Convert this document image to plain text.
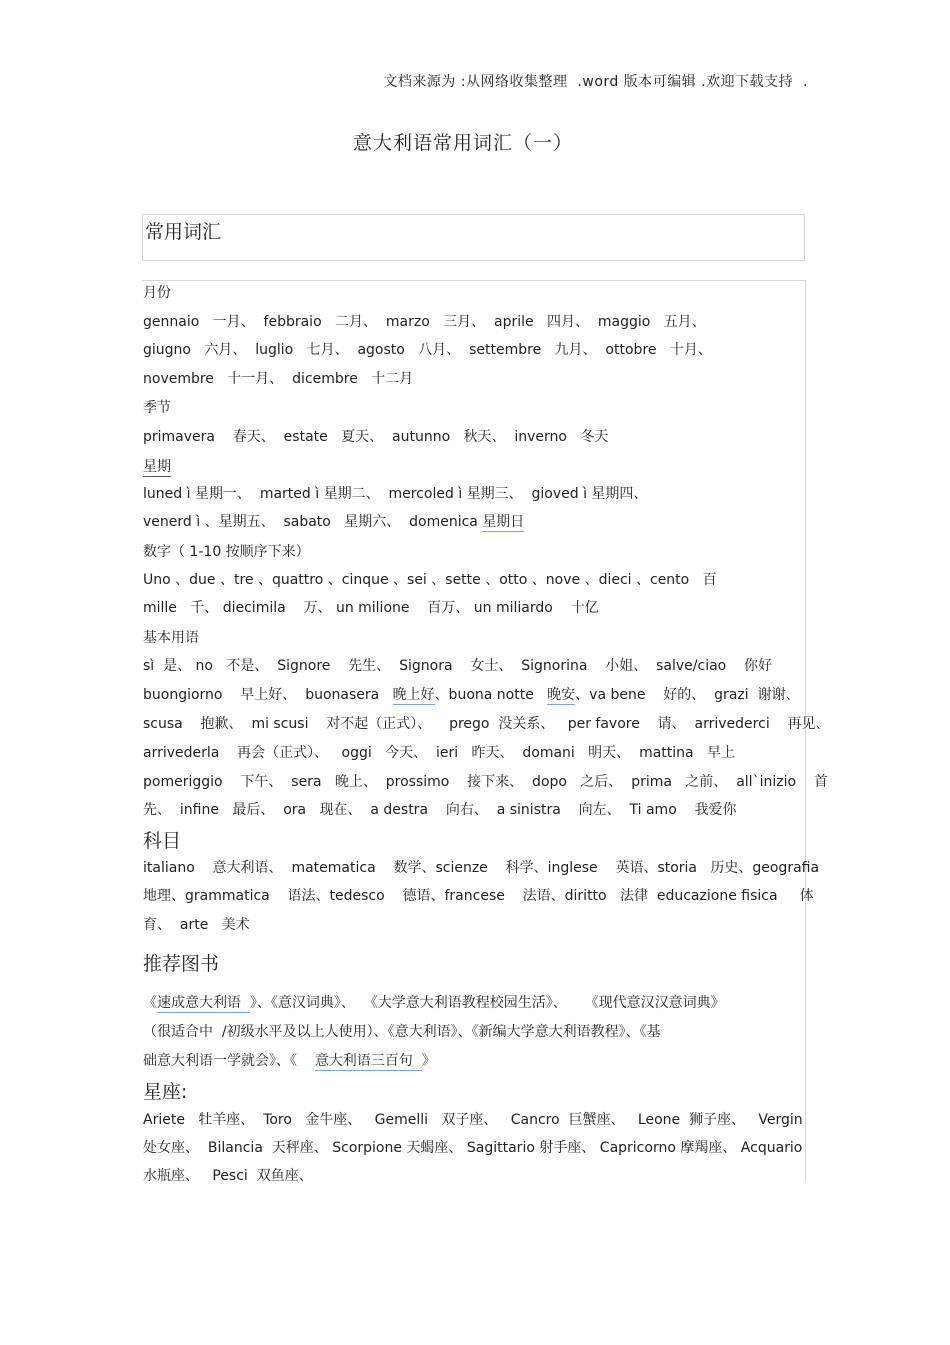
文档来源为 :从网络收集整理  .word 版本可编辑 .欢迎下载支持  .
意大利语常用词汇（一）
常用词汇
月份
gennaio   一月、  febbraio   二月、  marzo   三月、  aprile   四月、  maggio   五月、
giugno   六月、  luglio   七月、  agosto   八月、  settembre   九月、  ottobre   十月、
novembre   十一月、  dicembre   十二月
季节
primavera    春天、  estate   夏天、  autunno   秋天、  inverno   冬天
星期
luned ì 星期一、  marted ì 星期二、  mercoled ì 星期三、  gioved ì 星期四、
venerd ì 、星期五、  sabato   星期六、  domenica 星期日
数字（ 1-10 按顺序下来）
Uno 、due 、tre 、quattro 、cinque 、sei 、sette 、otto 、nove 、dieci 、cento   百
mille   千、 diecimila    万、 un milione    百万、 un miliardo    十亿
基本用语
sì  是、 no   不是、  Signore    先生、  Signora    女士、  Signorina    小姐、  salve/ciao    你好
buongiorno    早上好、  buonasera   晚上好、buona notte   晚安、va bene    好的、  grazi  谢谢、
scusa    抱歉、  mi scusi    对不起（正式）、    prego  没关系、   per favore    请、  arrivederci    再见、
arrivederla    再会（正式）、   oggi   今天、  ieri   昨天、  domani   明天、  mattina   早上
pomeriggio    下午、  sera   晚上、  prossimo    接下来、  dopo   之后、  prima   之前、  all`inizio    首
先、  infine   最后、  ora   现在、  a destra    向右、  a sinistra    向左、  Ti amo    我爱你
科目
italiano    意大利语、  matematica    数学、scienze    科学、inglese    英语、storia   历史、geografia
地理、grammatica    语法、tedesco    德语、francese    法语、diritto   法律  educazione fisica     体
育、  arte   美术
推荐图书
《速成意大利语  》、《意汉词典》、  《大学意大利语教程校园生活》、    《现代意汉汉意词典》
（很适合中  /初级水平及以上人使用）、《意大利语》、《新编大学意大利语教程》、《基
础意大利语一学就会》、《    意大利语三百句  》
星座:
Ariete   牡羊座、  Toro   金牛座、   Gemelli   双子座、   Cancro  巨蟹座、   Leone  狮子座、   Vergin
处女座、  Bilancia  天秤座、 Scorpione 天蝎座、 Sagittario 射手座、 Capricorno 摩羯座、 Acquario
水瓶座、   Pesci  双鱼座、
